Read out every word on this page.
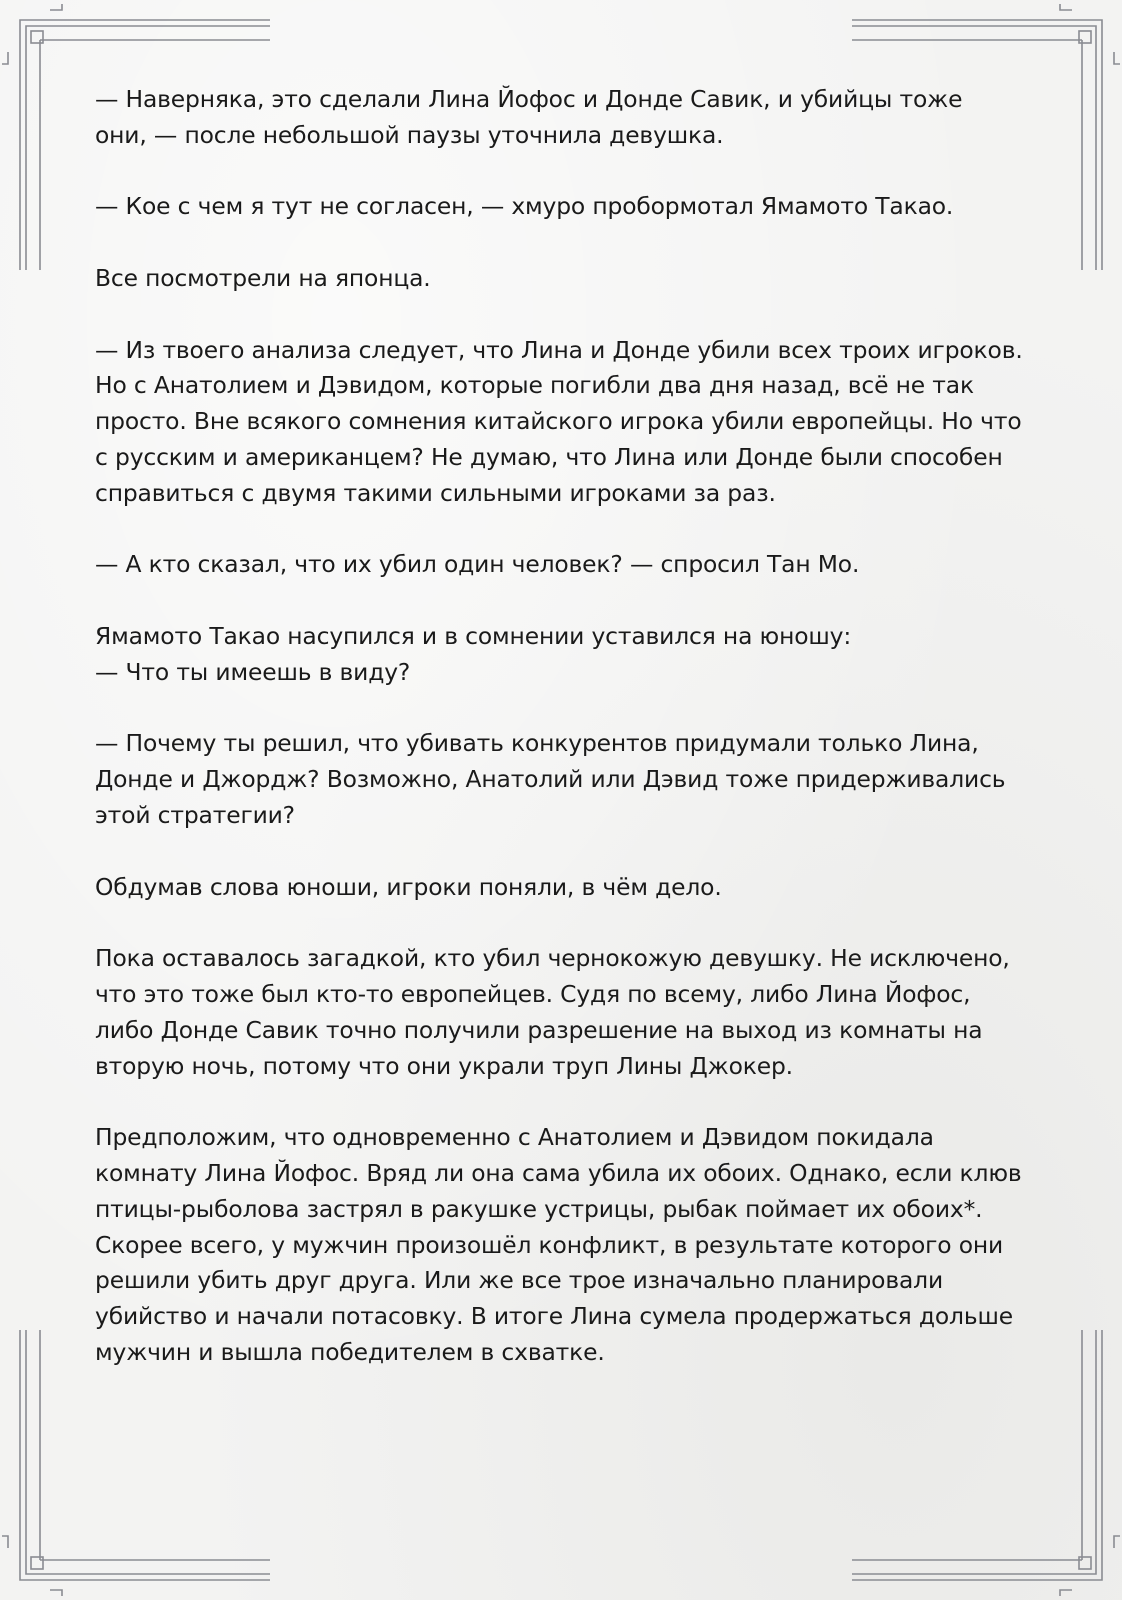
— Наверняка, это сделали Лина Йофос и Донде Савик, и убийцы тоже
они, — после небольшой паузы уточнила девушка.

— Кое с чем я тут не согласен, — хмуро пробормотал Ямамото Такао.

Все посмотрели на японца.

— Из твоего анализа следует, что Лина и Донде убили всех троих игроков.
Но с Анатолием и Дэвидом, которые погибли два дня назад, всё не так
просто. Вне всякого сомнения китайского игрока убили европейцы. Но что
с русским и американцем? Не думаю, что Лина или Донде были способен
справиться с двумя такими сильными игроками за раз.

— А кто сказал, что их убил один человек? — спросил Тан Мо.

Ямамото Такао насупился и в сомнении уставился на юношу:
— Что ты имеешь в виду?

— Почему ты решил, что убивать конкурентов придумали только Лина,
Донде и Джордж? Возможно, Анатолий или Дэвид тоже придерживались
этой стратегии?

Обдумав слова юноши, игроки поняли, в чём дело.

Пока оставалось загадкой, кто убил чернокожую девушку. Не исключено,
что это тоже был кто-то европейцев. Судя по всему, либо Лина Йофос,
либо Донде Савик точно получили разрешение на выход из комнаты на
вторую ночь, потому что они украли труп Лины Джокер.

Предположим, что одновременно с Анатолием и Дэвидом покидала
комнату Лина Йофос. Вряд ли она сама убила их обоих. Однако, если клюв
птицы-рыболова застрял в ракушке устрицы, рыбак поймает их обоих*.
Скорее всего, у мужчин произошёл конфликт, в результате которого они
решили убить друг друга. Или же все трое изначально планировали
убийство и начали потасовку. В итоге Лина сумела продержаться дольше
мужчин и вышла победителем в схватке.
